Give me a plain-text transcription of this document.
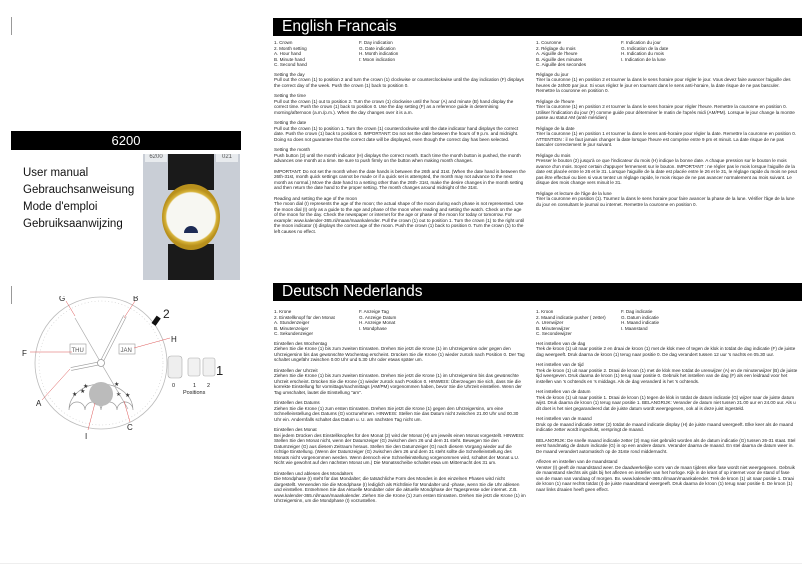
6200
User manual
Gebrauchsanweisung
Mode d'emploi
Gebruiksaanwijzing
6200	021
★
★ ★
★
★ ★
THU	JAN
G	B
F
H
A
C
I
2
1
0	1 2
Positions
English Francais
1. Crown	F. Day indication
2. Month setting	G. Date indication
A. Hour hand	H. Month indication
B. Minute hand	I: Moon indication
C. Second hand
Setting the day

Pull out the crown (1) to position 2 and turn the crown (1) clockwise or counterclockwise until the day indication (F) displays the correct day of the week. Push the crown (1) back to position 0.

Setting the time

Pull out the crown (1) out to position 2. Turn the crown (1) clockwise until the hour (A) and minute (B) hand display the correct time. Push the crown (1) back to position 0. Use the day setting (F) as a reference guide in determining morning/afternoon (a.m./p.m.). When the day changes over it is a.m.

Setting the date

Pull out the crown (1) to position 1. Turn the crown (1) counterclockwise until the date indicator hand displays the correct date. Push the crown (1) back to position 0. IMPORTANT: Do not set the date between the hours of 9 p.m. and midnight. Doing so does not guarantee that the correct date will be displayed, even though the correct day has been selected.

Setting the month

Push button (2) until the month indicator (H) displays the correct month. Each time the month button is pushed, the month advances one month at a time. Be sure to push firmly on the button when making month changes.

IMPORTANT: Do not set the month when the date hands is between the 26th and 31st. (When the date hand is between the 26th-31st, month quick settings cannot be made or if a quick set is attempted, the month may not advance to the next month as normal.) Move the date hand to a setting other than the 26th- 31st, make the desire changes in the month setting and then return the date hand to the proper setting. The month changes around midnight of the 31st.

Reading and setting the age of the moon

The moon dial (I) represents the age of the moon; the actual shape of the moon during each phase is not represented. Use the moon dial (I) only as a guide to the age and phase of the moon when reading and setting the watch. Check on the age of the moon for the day. Check the newspaper or internet for the age or phase of the moon for today or tomorrow. For example: www.kalender-365.nl/maan/maankalender. Pull the crown (1) out to position 1. Turn the crown (1) to the right until the moon indicator (I) displays the correct age of the moon. Push the crown (1) back to position 0. Turn the crown (1) to the left causes no effect.

1. Couronne	F. Indication du jour
2. Réglage du mois	G. Indication de la date
A. Aiguille de l'heure	H. Indication du mois
B. Aiguille des minutes	I. Indication de la lune
C. Aiguille des secondes
Réglage du jour

Tirer la couronne (1) en position 2 et tourner la dans le sens horaire pour régler le jour. Vous devez faire avancer l'aiguille des heures de 24h00 par jour. Si vous réglez le jour en tournant dans le sens anti-horaire, la date risque de ne pas basculer. Remettre la couronne en position 0.

Réglage de l'heure

Tirer la couronne (1) en position 2 et tourner la dans le sens horaire pour régler l'heure. Remettre la couronne en position 0. Utiliser l'indication du jour (F) comme guide pour déterminer le matin de l'après midi (AM/PM). Lorsque le jour change la montre passe au statut AM (anté méridien)

Réglage de la date

Tirer la couronne (1) en position 1 et tourner la dans le sens anti-horaire pour régler la date. Remettre la couronne en position 0. ATTENTION : il ne faut jamais changer la date lorsque l'heure est comprise entre 9 pm et minuit. La date risque de ne pas basculer correctement le jour suivant.

Réglage du mois

Presser le bouton (2) jusqu'à ce que l'indicateur du mois (H) indique la bonne date. A chaque pression sur le bouton le mois avance d'un mois. Soyez certain d'appuyer fermement sur le bouton. IMPORTANT : ne régler pas le mois lorsque l'aiguille de la date est placée entre le 26 et le 31. Lorsque l'aiguille de la date est placée entre le 26 et le 31, le réglage rapide du mois ne peut pas être effectué ou bien si vous tentez un réglage rapide, le mois risque de ne pas avancer normalement au mois suivant. Le disque des mois change vers minuit le 31.

Réglage et lecture de l'âge de la lune

Tirer la couronne en position (1). Tournez la dans le sens horaire pour faire avancer la phase de la lune. Vérifier l'âge de la lune du jour en consultant le journal ou internet. Remettre la couronne en position 0.

Deutsch Nederlands
1. Krone	F. Anzeige Tag
2. Einstellknopf für den Monat	G. Anzeige Datum
A. Stundenzeiger	H. Anzeige Monat
B. Minutenzeiger	I. Mondphase
C. Sekundenzeiger
Einstellen des Wochentag

Ziehen Sie die Krone (1) bis zum zweiten Einrasten. Drehen Sie jetzt die Krone (1) im Uhrzeigersinn oder gegen den Uhrzeigersinn bis das gewünschte Wochentag erscheint. Drücken Sie die Krone (1) wieder zurück nach Position 0. Der Tag schaltet ungefähr zwischen 0.00 Uhr und 5.30 Uhr oder etwas später um.

Einstellen der Uhrzeit

Ziehen Sie die Krone (1) bis zum zweiten Einrasten. Drehen Sie jetzt die Krone (1) im Uhrzeigersinn bis das gewünschte Uhrzeit erscheint. Drücken Sie die Krone (1) wieder zurück nach Position 0. HINWEIS: Überzeugen Sie sich, dass Sie die korrekte Einstellung für vormittags/nachmittags (AM/PM) vorgenommen haben, bevor Sie die Uhrzeit einstellen. Wenn der Tag umschaltet, lautet die Einstellung "am".

Einstellen des Datums

Ziehen Sie die Krone (1) zum ersten Einrasten. Drehen Sie jetzt die Krone (1) gegen den Uhrzeigersinn, um eine Schnelleinstellung des Datums (G) vorzunehmen. HINWEIS: Stellen Sie das Datum nicht zwischen 21.00 Uhr und 00.30 Uhr ein. Andernfalls schaltet das Datum u. U. am nächsten Tag nicht um.

Einstellen des Monat

Bei jedem Drücken des Einstellknopfes für den Monat (2) wird der Monat (H) um jeweils einen Monat vorgestellt. HINWEIS: Stellen Sie den Monat nicht, wenn der Datumzeiger (G) zwischen dem 26 und dem 31 steht. Bewegen Sie den Datumzeiger (G) aus diesem Zeitraum heraus. Stellen Sie den Datumzeiger (G) nach diesem Vorgang wieder auf die richtige Einstellung. (Wenn der Datumzeiger (G) zwischen dem 26 und dem 31 steht sollte die Schnelleinstellung des Monats nicht vorgenommen werden. Wenn dennoch eine Schnelleinstellung vorgenommen wird, schaltet der Monat u.U. Nicht wie gewohnt auf den nächsten Monat um.) Die Monatsscheibe schaltet etwa um Mitternacht des 31 um.

Einstellen und ablesen des Mondalters

Die Mondphase (I) steht für das Mondalter; die tatsächliche Form des Mondes in den einzelnen Phasen wird nicht dargestellt. Verwenden Sie die Mondphase (I) lediglich als Richtlinie für Mondalter und -phase, wenn Sie die Uhr ablesen und einstellen. Entnehmen Sie das Aktuelle Mondalter oder die aktuelle Mondphase der Tagespresse oder internet. Z.B. www.kalender-365.nl/maan/maankalender. Ziehen Sie die Krone (1) zum ersten Einrasten. Drehen Sie jetzt die Krone (1) im Uhrzeigersinn, um die Mondphase (I) vorzustellen.

1. Kroon	F. Dag indicatie
2. Maand indicatie pusher ( zetter)	G. Datum indicatie
A. Urenwijzer	H. Maand indicatie
B. Minutenwijzer	I. Maanstand
C. Secondewijzer
Het instellen van de dag

Trek de kroon (1) uit naar positie 2 en draai de kroon (1) met de klok mee of tegen de klok in totdat de dag indicatie (F) de juiste dag weergeeft. Druk daarna de kroon (1) terug naar positie 0. De dag verandert tussen 12 uur 's nachts en 05.30 uur.

Het instellen van de tijd

Trek de kroon (1) uit naar positie 2. Draai de kroon (1) met de klok mee totdat de urenwijzer (A) en de minutenwijzer (B) de juiste tijd weergeven. Druk daarna de kroon (1) terug naar positie 0. Gebruik het instellen van de dag (F) als een leidraad voor het instellen van 's ochtends en 's middags. Als de dag veranderd is het 's ochtends.

Het instellen van de datum

Trek de kroon (1) uit naar positie 1. Draai de kroon (1) tegen de klok in totdat de datum indicatie (G) wijzer naar de juiste datum wijst. Druk daarna de kroon (1) terug naar positie 1. BELANGRIJK: Verander de datum niet tussen 21.00 uur en 24.00 uur. Als u dit doet is het niet gegarandeerd dat de juiste datum wordt weergegeven, ook al is deze juist ingesteld.

Het instellen van de maand

Druk op de maand indicatie zetter (2) totdat de maand indicatie display (H) de juiste maand weergeeft. Elke keer als de maand indicatie zetter wordt ingedrukt, verspringt de maand.

BELANGRIJK: De snelle maand indicatie zetter (2) mag niet gebruikt worden als de datum indicatie (G) tussen 26-31 staat. Stel eerst handmatig de datum indicatie (G) in op een andere datum. Verander daarna de maand. En stel daarna de datum weer in. De maand verandert automatisch op de 31ste rond middernacht.

Aflezen en instellen van de maandstand

Venster (I) geeft de maandstand weer. De daadwerkelijke vorm van de maan tijdens elke fase wordt niet weergegeven. Gebruik de maanstand slechts als gids bij het aflezen en instellen van het horloge. Kijk in de krant of op internet voor de stand of fase van de maan van vandaag of morgen. Bv. www.kalender-365.nl/maan/maankalender. Trek de kroon (1) uit naar positie 1. Draai de kroon (1) naar rechts totdat (I) de juiste maandstand weergeeft. Druk daarna de kroon (1) terug naar positie 0. De kroon (1) naar links draaien heeft geen effect.
